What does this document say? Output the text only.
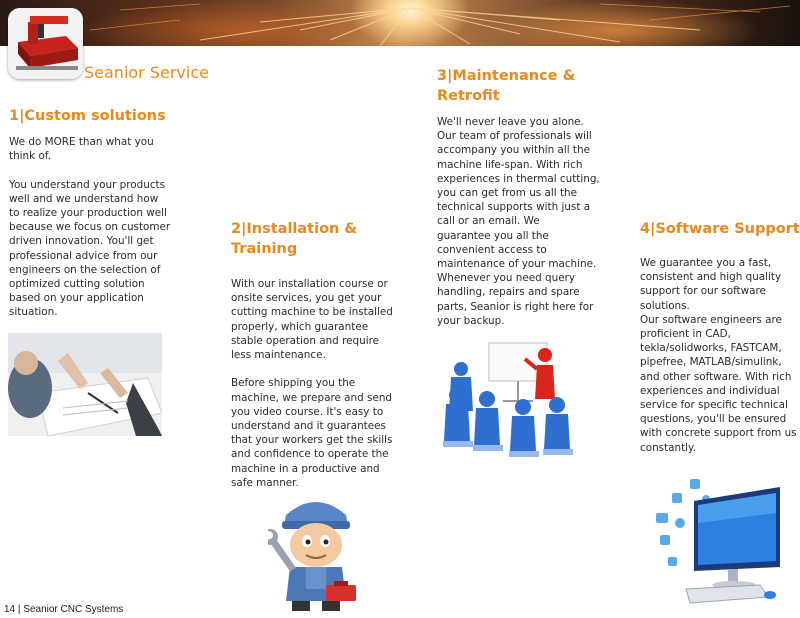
Seanior Service
1|Custom solutions
We do MORE than what you
think of.

You understand your products
well and we understand how
to realize your production well
because we focus on customer
driven innovation. You'll get
professional advice from our
engineers on the selection of
optimized cutting solution
based on your application
situation.
2|Installation &
Training
With our installation course or
onsite services, you get your
cutting machine to be installed
properly, which guarantee
stable operation and require
less maintenance.

Before shipping you the
machine, we prepare and send
you video course. It's easy to
understand and it guarantees
that your workers get the skills
and confidence to operate the
machine in a productive and
safe manner.
3|Maintenance &
Retrofit
We'll never leave you alone.
Our team of professionals will
accompany you within all the
machine life-span. With rich
experiences in thermal cutting,
you can get from us all the
technical supports with just a
call or an email. We
guarantee you all the
convenient access to
maintenance of your machine.
Whenever you need query
handling, repairs and spare
parts, Seanior is right here for
your backup.
4|Software Support
We guarantee you a fast,
consistent and high quality
support for our software
solutions.
Our software engineers are
proficient in CAD,
tekla/solidworks, FASTCAM,
pipefree, MATLAB/simulink,
and other software. With rich
experiences and individual
service for specific technical
questions, you'll be ensured
with concrete support from us
constantly.
14 | Seanior CNC Systems
